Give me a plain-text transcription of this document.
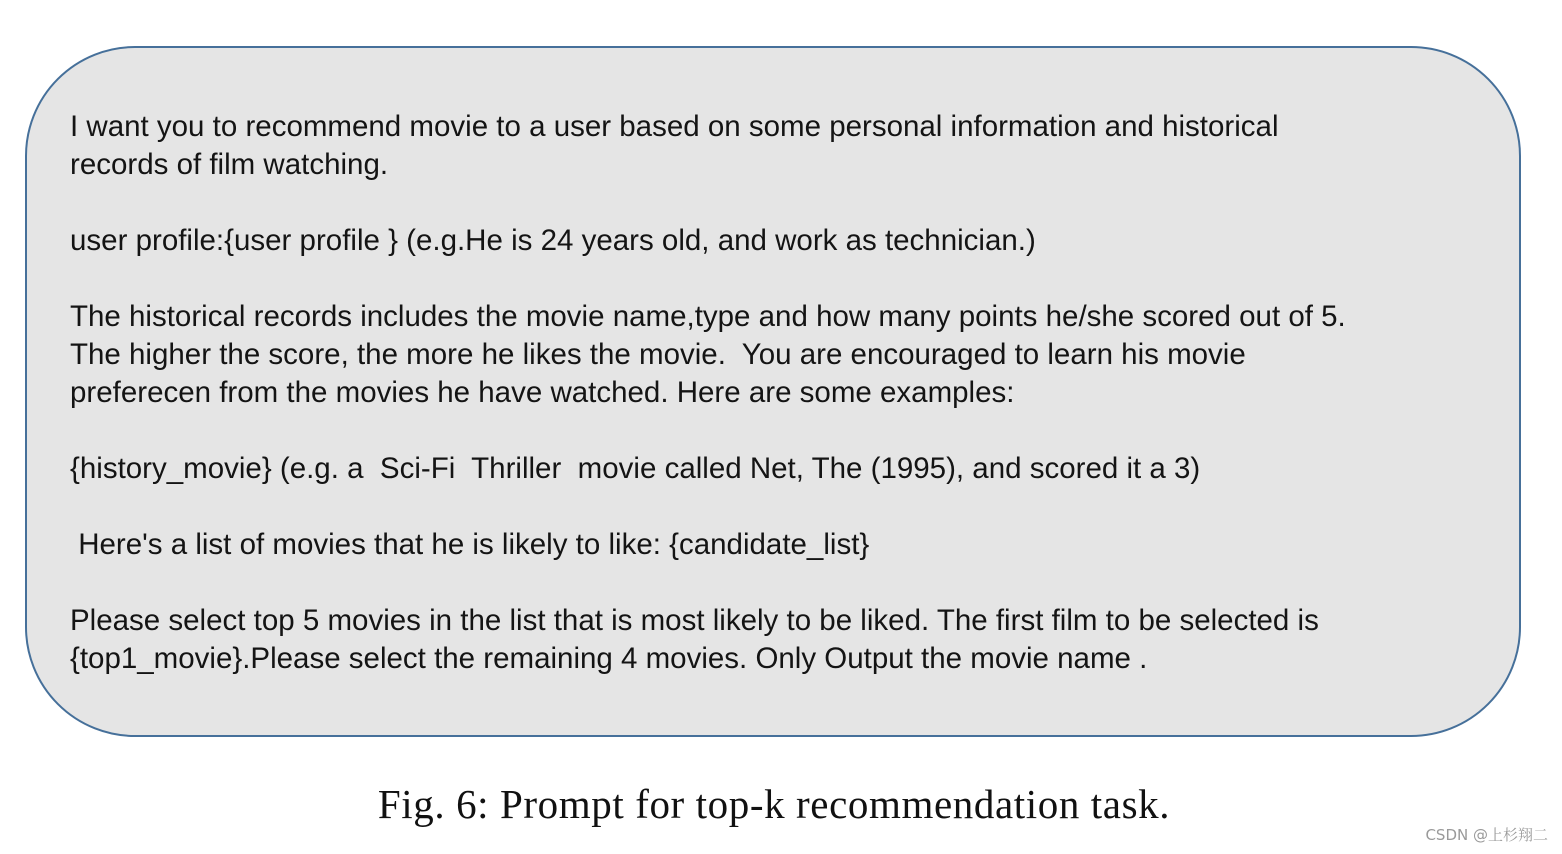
I want you to recommend movie to a user based on some personal information and historical
records of film watching.

user profile:{user profile } (e.g.He is 24 years old, and work as technician.)

The historical records includes the movie name,type and how many points he/she scored out of 5.
The higher the score, the more he likes the movie.  You are encouraged to learn his movie
preferecen from the movies he have watched. Here are some examples:

{history_movie} (e.g. a  Sci-Fi  Thriller  movie called Net, The (1995), and scored it a 3)

Here's a list of movies that he is likely to like: {candidate_list}

Please select top 5 movies in the list that is most likely to be liked. The first film to be selected is
{top1_movie}.Please select the remaining 4 movies. Only Output the movie name .

Fig. 6: Prompt for top-k recommendation task.
CSDN @上杉翔二
